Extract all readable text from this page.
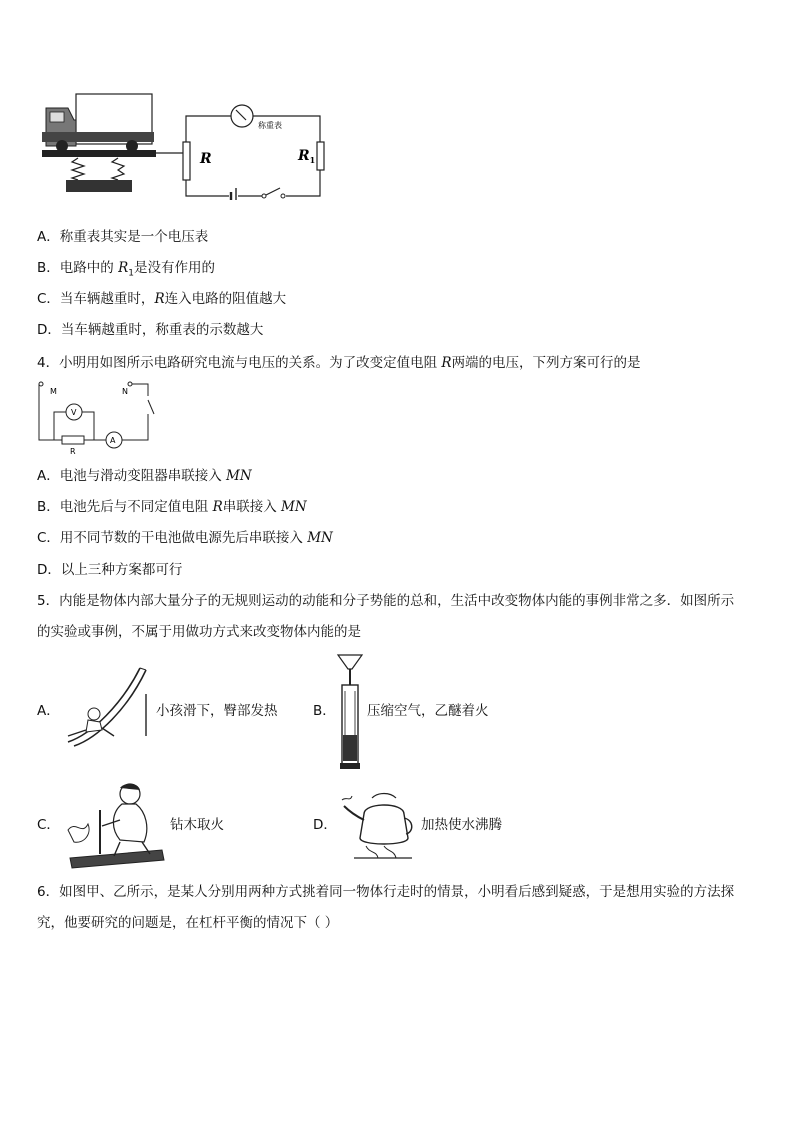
R
称重表
$R_1$
A．称重表其实是一个电压表
B．电路中的 $R_1$是没有作用的
C．当车辆越重时，R连入电路的阻值越大
D．当车辆越重时，称重表的示数越大
4．小明用如图所示电路研究电流与电压的关系。为了改变定值电阻 R两端的电压，下列方案可行的是
M	N
R
A
V
A．电池与滑动变阻器串联接入 MN
B．电池先后与不同定值电阻 R串联接入 MN
C．用不同节数的干电池做电源先后串联接入 MN
D．以上三种方案都可行
5．内能是物体内部大量分子的无规则运动的动能和分子势能的总和，生活中改变物体内能的事例非常之多．如图所示
的实验或事例，不属于用做功方式来改变物体内能的是
A．	小孩滑下，臀部发热	B． 压缩空气，乙醚着火
C．	钻木取火	D．	加热使水沸腾
6．如图甲、乙所示，是某人分别用两种方式挑着同一物体行走时的情景，小明看后感到疑惑，于是想用实验的方法探
究，他要研究的问题是，在杠杆平衡的情况下（ ）
